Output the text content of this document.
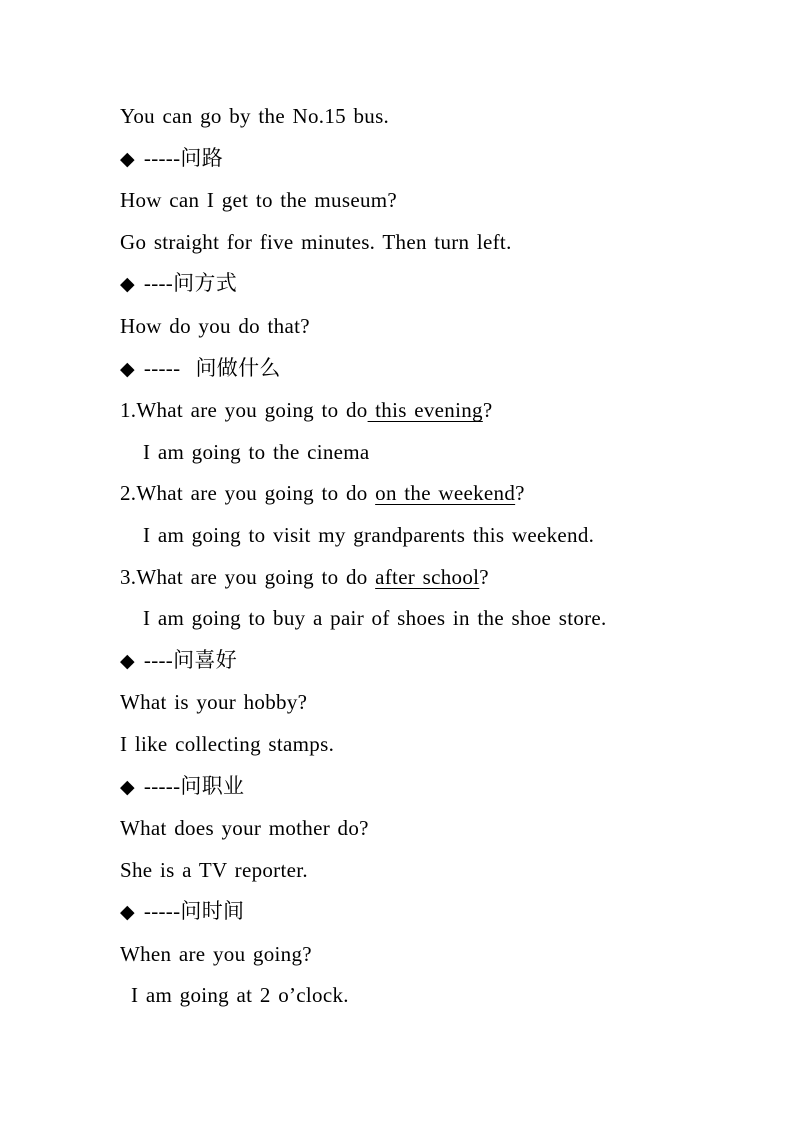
You can go by the No.15 bus.
◆ -----问路
How can I get to the museum?
Go straight for five minutes. Then turn left.
◆ ----问方式
How do you do that?
◆ -----  问做什么
1.What are you going to do this evening?
I am going to the cinema
2.What are you going to do on the weekend?
I am going to visit my grandparents this weekend.
3.What are you going to do after school?
I am going to buy a pair of shoes in the shoe store.
◆ ----问喜好
What is your hobby?
I like collecting stamps.
◆ -----问职业
What does your mother do?
She is a TV reporter.
◆ -----问时间
When are you going?
I am going at 2 o’clock.
